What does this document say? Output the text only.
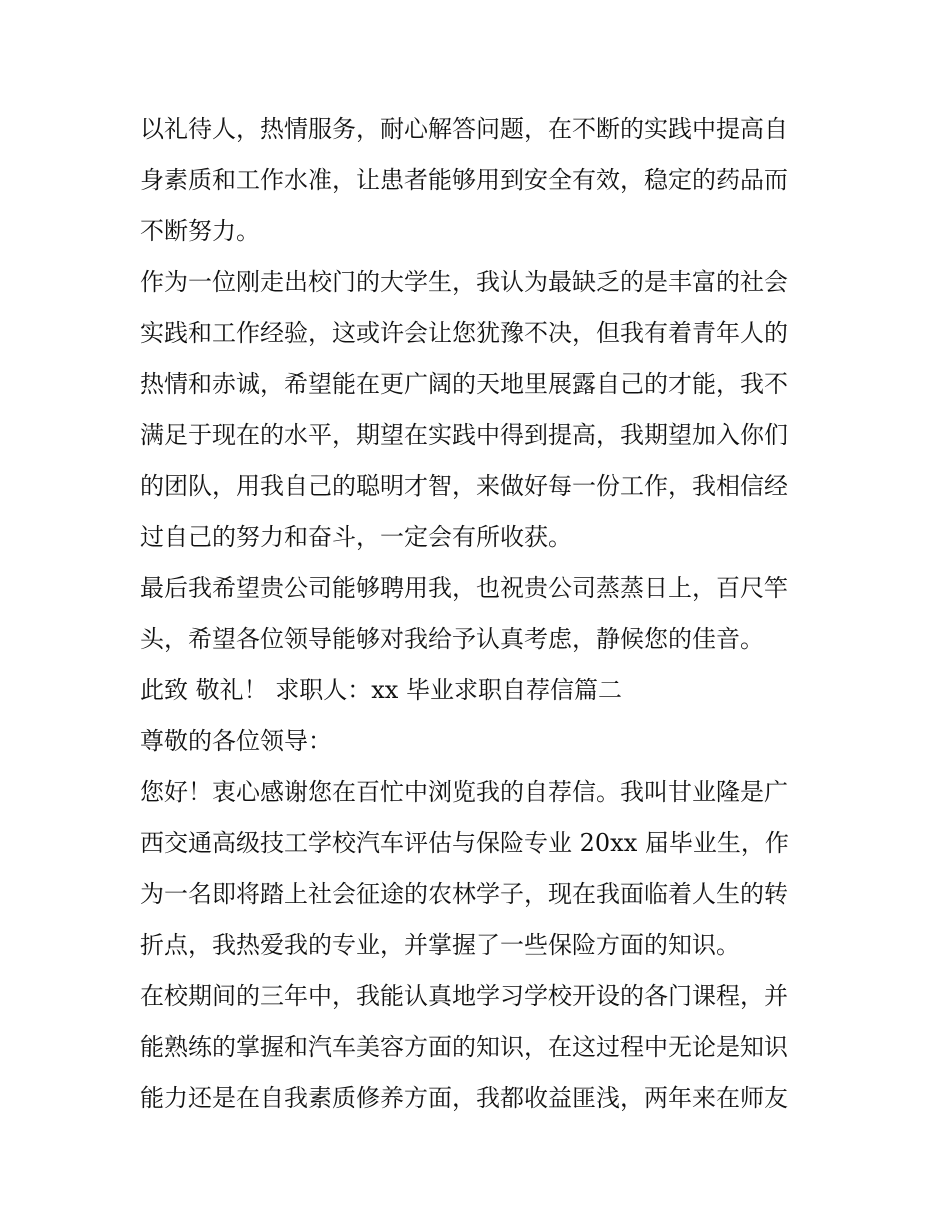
以礼待人，热情服务，耐心解答问题，在不断的实践中提高自
身素质和工作水准，让患者能够用到安全有效，稳定的药品而
不断努力。

作为一位刚走出校门的大学生，我认为最缺乏的是丰富的社会
实践和工作经验，这或许会让您犹豫不决，但我有着青年人的
热情和赤诚，希望能在更广阔的天地里展露自己的才能，我不
满足于现在的水平，期望在实践中得到提高，我期望加入你们
的团队，用我自己的聪明才智，来做好每一份工作，我相信经
过自己的努力和奋斗，一定会有所收获。

最后我希望贵公司能够聘用我，也祝贵公司蒸蒸日上，百尺竿
头，希望各位领导能够对我给予认真考虑，静候您的佳音。

此致 敬礼！ 求职人：xx 毕业求职自荐信篇二

尊敬的各位领导：

您好！衷心感谢您在百忙中浏览我的自荐信。我叫甘业隆是广
西交通高级技工学校汽车评估与保险专业 20xx 届毕业生，作
为一名即将踏上社会征途的农林学子，现在我面临着人生的转
折点，我热爱我的专业，并掌握了一些保险方面的知识。

在校期间的三年中，我能认真地学习学校开设的各门课程，并
能熟练的掌握和汽车美容方面的知识，在这过程中无论是知识
能力还是在自我素质修养方面，我都收益匪浅，两年来在师友
